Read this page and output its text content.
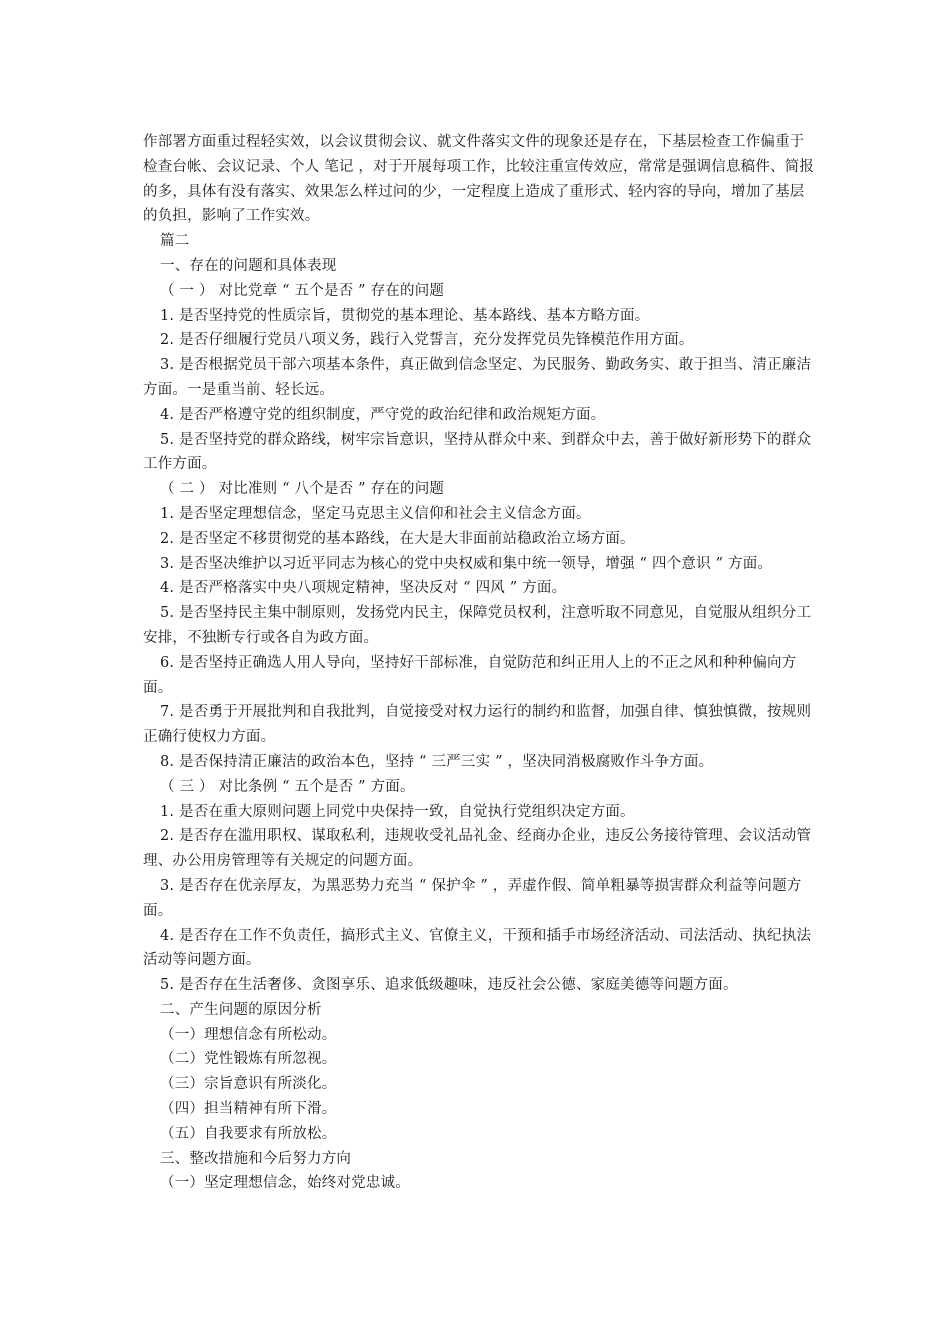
作部署方面重过程轻实效，以会议贯彻会议、就文件落实文件的现象还是存在，下基层检查工作偏重于检查台帐、会议记录、个人 笔记 ，对于开展每项工作，比较注重宣传效应，常常是强调信息稿件、简报的多，具体有没有落实、效果怎么样过问的少，一定程度上造成了重形式、轻内容的导向，增加了基层的负担，影响了工作实效。

篇二

一、存在的问题和具体表现

（ 一 ） 对比党章 “ 五个是否 ” 存在的问题

1. 是否坚持党的性质宗旨，贯彻党的基本理论、基本路线、基本方略方面。

2. 是否仔细履行党员八项义务，践行入党誓言，充分发挥党员先锋模范作用方面。

3. 是否根据党员干部六项基本条件，真正做到信念坚定、为民服务、勤政务实、敢于担当、清正廉洁方面。一是重当前、轻长远。

4. 是否严格遵守党的组织制度，严守党的政治纪律和政治规矩方面。

5. 是否坚持党的群众路线，树牢宗旨意识，坚持从群众中来、到群众中去，善于做好新形势下的群众工作方面。

（ 二 ） 对比准则 “ 八个是否 ” 存在的问题

1. 是否坚定理想信念，坚定马克思主义信仰和社会主义信念方面。

2. 是否坚定不移贯彻党的基本路线，在大是大非面前站稳政治立场方面。

3. 是否坚决维护以习近平同志为核心的党中央权威和集中统一领导，增强 “ 四个意识 ” 方面。

4. 是否严格落实中央八项规定精神，坚决反对 “ 四风 ” 方面。

5. 是否坚持民主集中制原则，发扬党内民主，保障党员权利，注意听取不同意见，自觉服从组织分工安排，不独断专行或各自为政方面。

6. 是否坚持正确选人用人导向，坚持好干部标准，自觉防范和纠正用人上的不正之风和种种偏向方面。

7. 是否勇于开展批判和自我批判，自觉接受对权力运行的制约和监督，加强自律、慎独慎微，按规则正确行使权力方面。

8. 是否保持清正廉洁的政治本色，坚持 “ 三严三实 ” ，坚决同消极腐败作斗争方面。

（ 三 ） 对比条例 “ 五个是否 ” 方面。

1. 是否在重大原则问题上同党中央保持一致，自觉执行党组织决定方面。

2. 是否存在滥用职权、谋取私利，违规收受礼品礼金、经商办企业，违反公务接待管理、会议活动管理、办公用房管理等有关规定的问题方面。

3. 是否存在优亲厚友，为黑恶势力充当 “ 保护伞 ” ，弄虚作假、简单粗暴等损害群众利益等问题方面。

4. 是否存在工作不负责任，搞形式主义、官僚主义，干预和插手市场经济活动、司法活动、执纪执法活动等问题方面。

5. 是否存在生活奢侈、贪图享乐、追求低级趣味，违反社会公德、家庭美德等问题方面。

二、产生问题的原因分析

（一）理想信念有所松动。

（二）党性锻炼有所忽视。

（三）宗旨意识有所淡化。

（四）担当精神有所下滑。

（五）自我要求有所放松。

三、整改措施和今后努力方向

（一）坚定理想信念，始终对党忠诚。
